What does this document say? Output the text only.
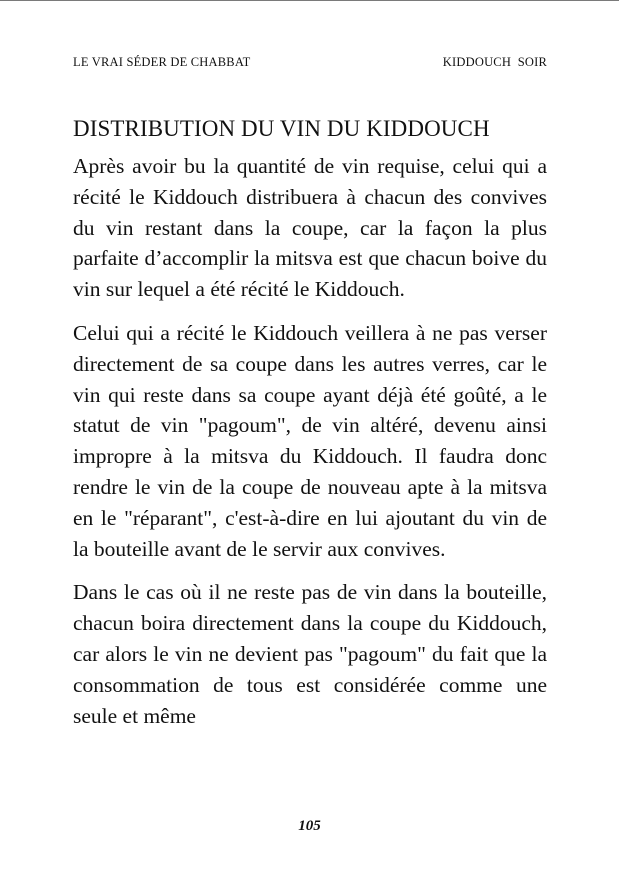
LE VRAI SÉDER DE CHABBAT	KIDDOUCH  SOIR
DISTRIBUTION DU VIN DU KIDDOUCH

Après avoir bu la quantité de vin requise, celui qui a récité le Kiddouch distribuera à chacun des convives du vin restant dans la coupe, car la façon la plus parfaite d’accomplir la mitsva est que chacun boive du vin sur lequel a été récité le Kiddouch.

Celui qui a récité le Kiddouch veillera à ne pas verser directement de sa coupe dans les autres verres, car le vin qui reste dans sa coupe ayant déjà été goûté, a le statut de vin "pagoum", de vin altéré, devenu ainsi impropre à la mitsva du Kiddouch. Il faudra donc rendre le vin de la coupe de nouveau apte à la mitsva en le "réparant", c'est-à-dire en lui ajoutant du vin de la bouteille avant de le servir aux convives.

Dans le cas où il ne reste pas de vin dans la bouteille, chacun boira directement dans la coupe du Kiddouch, car alors le vin ne devient pas "pagoum" du fait que la consommation de tous est considérée comme une seule et même

105
